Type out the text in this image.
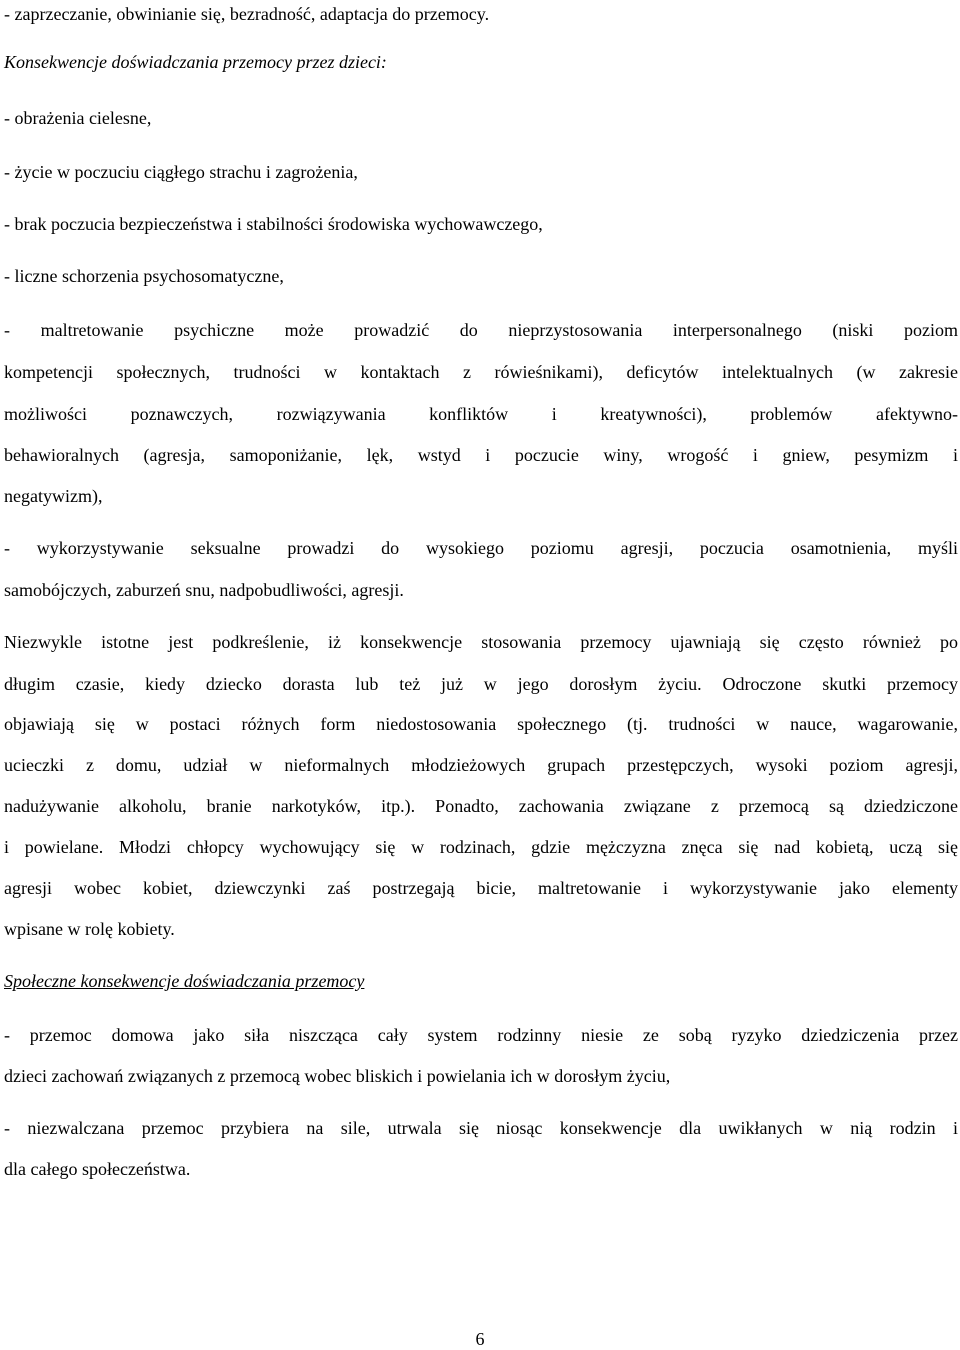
- zaprzeczanie, obwinianie się, bezradność, adaptacja do przemocy.
Konsekwencje doświadczania przemocy przez dzieci:
- obrażenia cielesne,
- życie w poczuciu ciągłego strachu i zagrożenia,
- brak poczucia bezpieczeństwa i stabilności środowiska wychowawczego,
- liczne schorzenia psychosomatyczne,
- maltretowanie psychiczne może prowadzić do nieprzystosowania interpersonalnego (niski poziom
kompetencji społecznych, trudności w kontaktach z rówieśnikami), deficytów intelektualnych (w zakresie
możliwości poznawczych, rozwiązywania konfliktów i kreatywności), problemów afektywno-
behawioralnych (agresja, samoponiżanie, lęk, wstyd i poczucie winy, wrogość i gniew, pesymizm i
negatywizm),
- wykorzystywanie seksualne prowadzi do wysokiego poziomu agresji, poczucia osamotnienia, myśli
samobójczych, zaburzeń snu, nadpobudliwości, agresji.
Niezwykle istotne jest podkreślenie, iż konsekwencje stosowania przemocy ujawniają się często również po
długim czasie, kiedy dziecko dorasta lub też już w jego dorosłym życiu. Odroczone skutki przemocy
objawiają się w postaci różnych form niedostosowania społecznego (tj. trudności w nauce, wagarowanie,
ucieczki z domu, udział w nieformalnych młodzieżowych grupach przestępczych, wysoki poziom agresji,
nadużywanie alkoholu, branie narkotyków, itp.). Ponadto, zachowania związane z przemocą są dziedziczone
i powielane. Młodzi chłopcy wychowujący się w rodzinach, gdzie mężczyzna znęca się nad kobietą, uczą się
agresji wobec kobiet, dziewczynki zaś postrzegają bicie, maltretowanie i wykorzystywanie jako elementy
wpisane w rolę kobiety.
Społeczne konsekwencje doświadczania przemocy
- przemoc domowa jako siła niszcząca cały system rodzinny niesie ze sobą ryzyko dziedziczenia przez
dzieci zachowań związanych z przemocą wobec bliskich i powielania ich w dorosłym życiu,
- niezwalczana przemoc przybiera na sile, utrwala się niosąc konsekwencje dla uwikłanych w nią rodzin i
dla całego społeczeństwa.
6
